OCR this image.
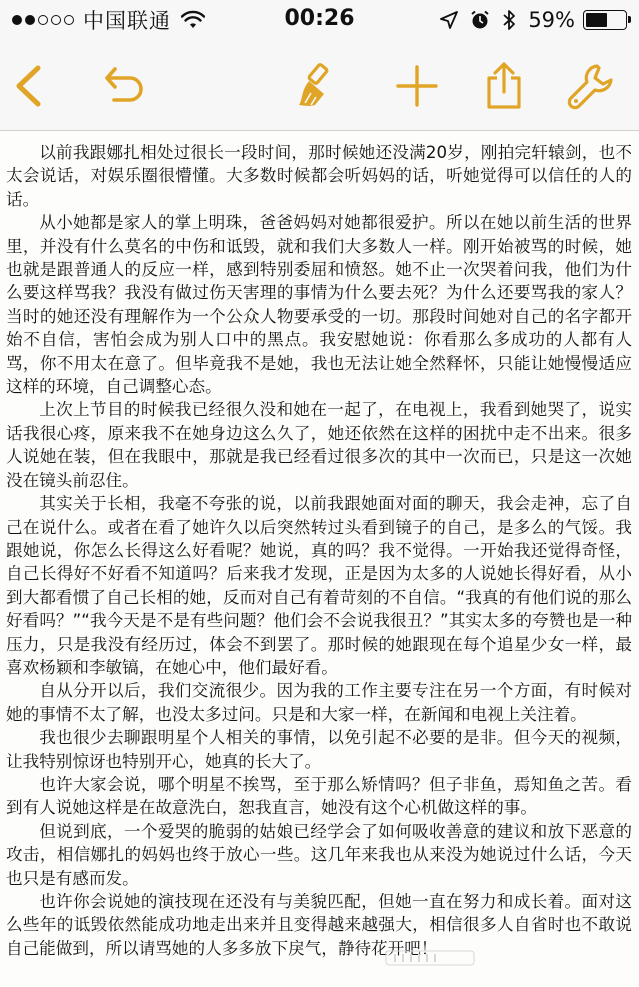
中国联通	00:26	59%

以前我跟娜扎相处过很长一段时间，那时候她还没满20岁，刚拍完轩辕剑，也不太会说话，对娱乐圈很懵懂。大多数时候都会听妈妈的话，听她觉得可以信任的人的话。

从小她都是家人的掌上明珠，爸爸妈妈对她都很爱护。所以在她以前生活的世界里，并没有什么莫名的中伤和诋毁，就和我们大多数人一样。刚开始被骂的时候，她也就是跟普通人的反应一样，感到特别委屈和愤怒。她不止一次哭着问我，他们为什么要这样骂我？我没有做过伤天害理的事情为什么要去死？为什么还要骂我的家人？当时的她还没有理解作为一个公众人物要承受的一切。那段时间她对自己的名字都开始不自信，害怕会成为别人口中的黑点。我安慰她说：你看那么多成功的人都有人骂，你不用太在意了。但毕竟我不是她，我也无法让她全然释怀，只能让她慢慢适应这样的环境，自己调整心态。

上次上节目的时候我已经很久没和她在一起了，在电视上，我看到她哭了，说实话我很心疼，原来我不在她身边这么久了，她还依然在这样的困扰中走不出来。很多人说她在装，但在我眼中，那就是我已经看过很多次的其中一次而已，只是这一次她没在镜头前忍住。

其实关于长相，我毫不夸张的说，以前我跟她面对面的聊天，我会走神，忘了自己在说什么。或者在看了她许久以后突然转过头看到镜子的自己，是多么的气馁。我跟她说，你怎么长得这么好看呢？她说，真的吗？我不觉得。一开始我还觉得奇怪，自己长得好不好看不知道吗？后来我才发现，正是因为太多的人说她长得好看，从小到大都看惯了自己长相的她，反而对自己有着苛刻的不自信。“我真的有他们说的那么好看吗？”“我今天是不是有些问题？他们会不会说我很丑？”其实太多的夸赞也是一种压力，只是我没有经历过，体会不到罢了。那时候的她跟现在每个追星少女一样，最喜欢杨颖和李敏镐，在她心中，他们最好看。

自从分开以后，我们交流很少。因为我的工作主要专注在另一个方面，有时候对她的事情不太了解，也没太多过问。只是和大家一样，在新闻和电视上关注着。

我也很少去聊跟明星个人相关的事情，以免引起不必要的是非。但今天的视频，让我特别惊讶也特别开心，她真的长大了。

也许大家会说，哪个明星不挨骂，至于那么矫情吗？但子非鱼，焉知鱼之苦。看到有人说她这样是在故意洗白，恕我直言，她没有这个心机做这样的事。

但说到底，一个爱哭的脆弱的姑娘已经学会了如何吸收善意的建议和放下恶意的攻击，相信娜扎的妈妈也终于放心一些。这几年来我也从来没为她说过什么话，今天也只是有感而发。

也许你会说她的演技现在还没有与美貌匹配，但她一直在努力和成长着。面对这么些年的诋毁依然能成功地走出来并且变得越来越强大，相信很多人自省时也不敢说自己能做到，所以请骂她的人多多放下戾气，静待花开吧！
